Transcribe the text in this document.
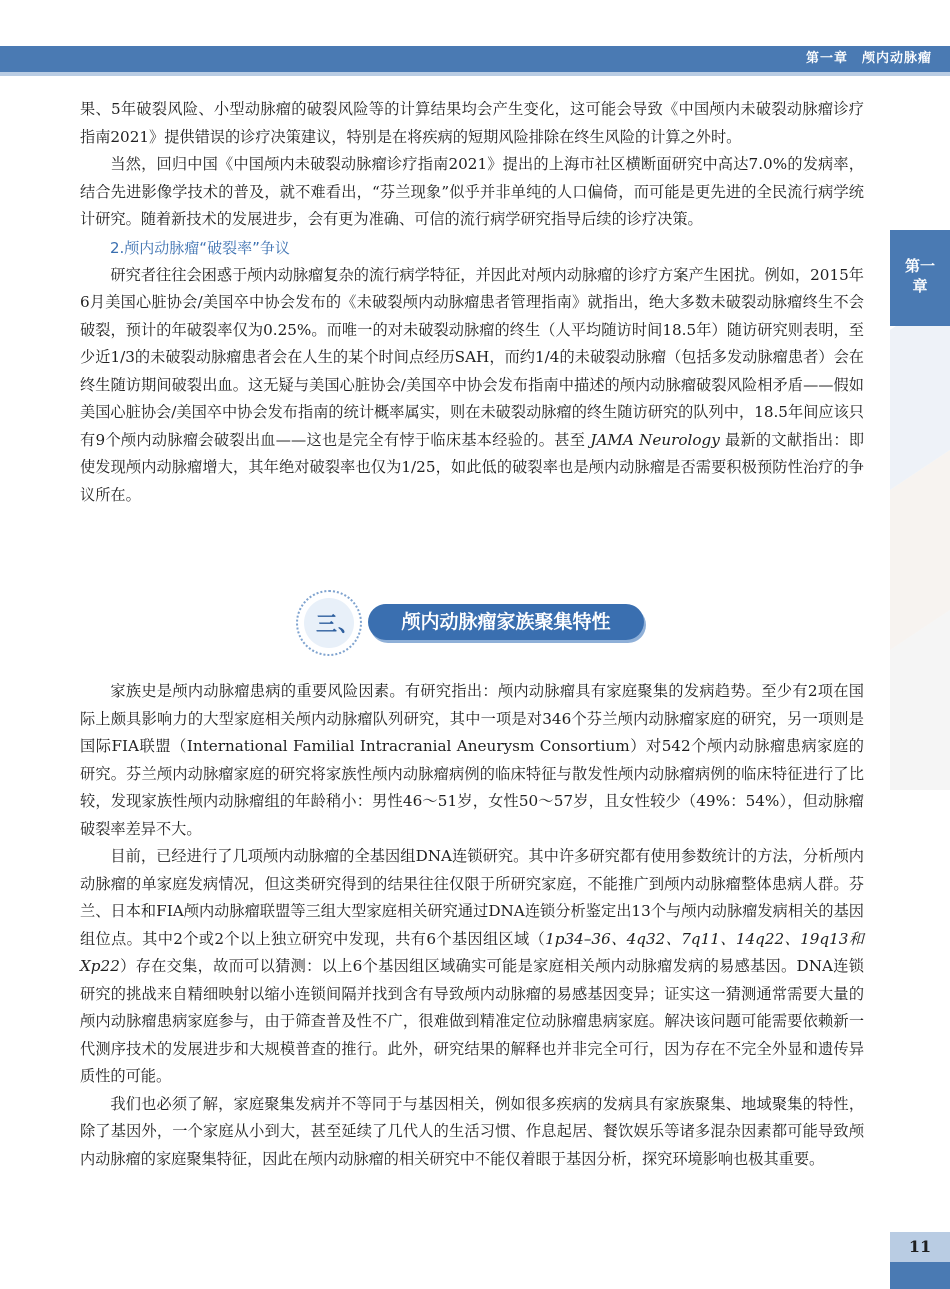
第一章 颅内动脉瘤
第一
章

果、5年破裂风险、小型动脉瘤的破裂风险等的计算结果均会产生变化，这可能会导致《中国颅内未破裂动脉瘤诊疗指南2021》提供错误的诊疗决策建议，特别是在将疾病的短期风险排除在终生风险的计算之外时。

当然，回归中国《中国颅内未破裂动脉瘤诊疗指南2021》提出的上海市社区横断面研究中高达7.0%的发病率，结合先进影像学技术的普及，就不难看出，“芬兰现象”似乎并非单纯的人口偏倚，而可能是更先进的全民流行病学统计研究。随着新技术的发展进步，会有更为准确、可信的流行病学研究指导后续的诊疗决策。

2.颅内动脉瘤“破裂率”争议

研究者往往会困惑于颅内动脉瘤复杂的流行病学特征，并因此对颅内动脉瘤的诊疗方案产生困扰。例如，2015年6月美国心脏协会/美国卒中协会发布的《未破裂颅内动脉瘤患者管理指南》就指出，绝大多数未破裂动脉瘤终生不会破裂，预计的年破裂率仅为0.25%。而唯一的对未破裂动脉瘤的终生（人平均随访时间18.5年）随访研究则表明，至少近1/3的未破裂动脉瘤患者会在人生的某个时间点经历SAH，而约1/4的未破裂动脉瘤（包括多发动脉瘤患者）会在终生随访期间破裂出血。这无疑与美国心脏协会/美国卒中协会发布指南中描述的颅内动脉瘤破裂风险相矛盾——假如美国心脏协会/美国卒中协会发布指南的统计概率属实，则在未破裂动脉瘤的终生随访研究的队列中，18.5年间应该只有9个颅内动脉瘤会破裂出血——这也是完全有悖于临床基本经验的。甚至 JAMA Neurology 最新的文献指出：即使发现颅内动脉瘤增大，其年绝对破裂率也仅为1/25，如此低的破裂率也是颅内动脉瘤是否需要积极预防性治疗的争议所在。

三、	颅内动脉瘤家族聚集特性

家族史是颅内动脉瘤患病的重要风险因素。有研究指出：颅内动脉瘤具有家庭聚集的发病趋势。至少有2项在国际上颇具影响力的大型家庭相关颅内动脉瘤队列研究，其中一项是对346个芬兰颅内动脉瘤家庭的研究，另一项则是国际FIA联盟（International Familial Intracranial Aneurysm Consortium）对542个颅内动脉瘤患病家庭的研究。芬兰颅内动脉瘤家庭的研究将家族性颅内动脉瘤病例的临床特征与散发性颅内动脉瘤病例的临床特征进行了比较，发现家族性颅内动脉瘤组的年龄稍小：男性46～51岁，女性50～57岁，且女性较少（49%：54%），但动脉瘤破裂率差异不大。

目前，已经进行了几项颅内动脉瘤的全基因组DNA连锁研究。其中许多研究都有使用参数统计的方法，分析颅内动脉瘤的单家庭发病情况，但这类研究得到的结果往往仅限于所研究家庭，不能推广到颅内动脉瘤整体患病人群。芬兰、日本和FIA颅内动脉瘤联盟等三组大型家庭相关研究通过DNA连锁分析鉴定出13个与颅内动脉瘤发病相关的基因组位点。其中2个或2个以上独立研究中发现，共有6个基因组区域（1p34–36、4q32、7q11、14q22、19q13和Xp22）存在交集，故而可以猜测：以上6个基因组区域确实可能是家庭相关颅内动脉瘤发病的易感基因。DNA连锁研究的挑战来自精细映射以缩小连锁间隔并找到含有导致颅内动脉瘤的易感基因变异；证实这一猜测通常需要大量的颅内动脉瘤患病家庭参与，由于筛查普及性不广，很难做到精准定位动脉瘤患病家庭。解决该问题可能需要依赖新一代测序技术的发展进步和大规模普查的推行。此外，研究结果的解释也并非完全可行，因为存在不完全外显和遗传异质性的可能。

我们也必须了解，家庭聚集发病并不等同于与基因相关，例如很多疾病的发病具有家族聚集、地域聚集的特性，除了基因外，一个家庭从小到大，甚至延续了几代人的生活习惯、作息起居、餐饮娱乐等诸多混杂因素都可能导致颅内动脉瘤的家庭聚集特征，因此在颅内动脉瘤的相关研究中不能仅着眼于基因分析，探究环境影响也极其重要。

11
